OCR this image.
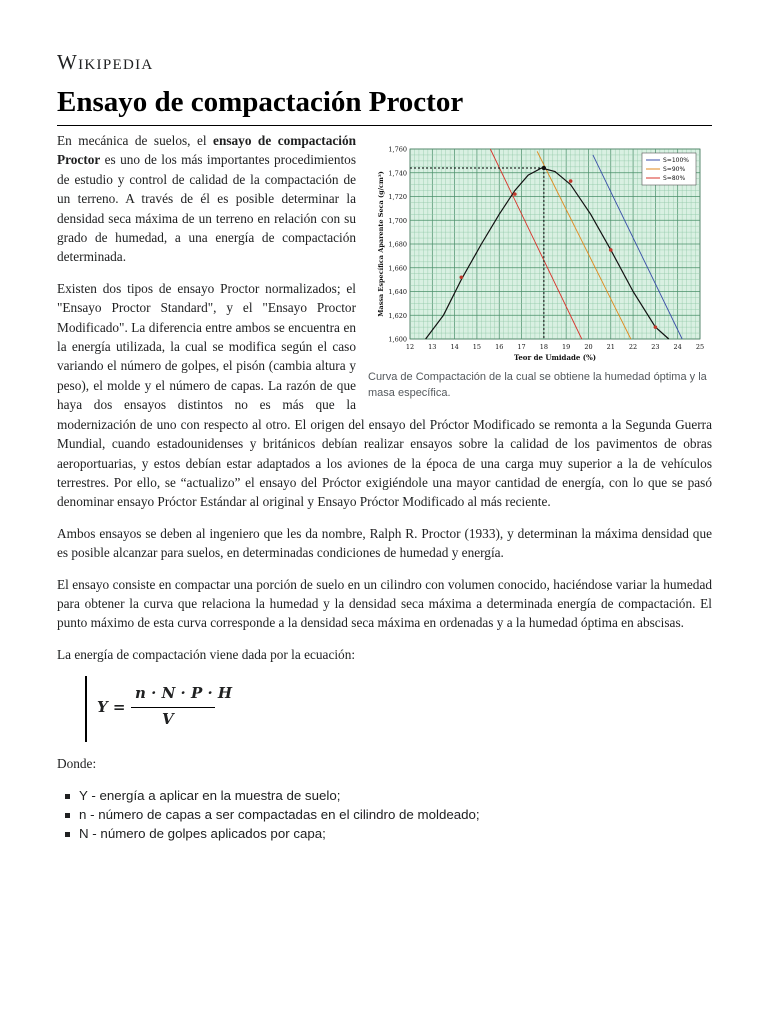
Wikipedia
Ensayo de compactación Proctor
1,600
1,620
1,640
1,660
1,680
1,700
1,720
1,740
1,760
12 13 14 15 16 17 18 19 20 21 22 23 24 25
Teor de Umidade (%)
Massa Específica Aparente Seca (g/cm³)
S=100%
S=90%
S=80%
Curva de Compactación de la cual se obtiene la humedad óptima y la masa específica.

En mecánica de suelos, el ensayo de compactación Proctor es uno de los más importantes procedimientos de estudio y control de calidad de la compactación de un terreno. A través de él es posible determinar la densidad seca máxima de un terreno en relación con su grado de humedad, a una energía de compactación determinada.

Existen dos tipos de ensayo Proctor normalizados; el "Ensayo Proctor Standard", y el "Ensayo Proctor Modificado". La diferencia entre ambos se encuentra en la energía utilizada, la cual se modifica según el caso variando el número de golpes, el pisón (cambia altura y peso), el molde y el número de capas. La razón de que haya dos ensayos distintos no es más que la modernización de uno con respecto al otro. El origen del ensayo del Próctor Modificado se remonta a la Segunda Guerra Mundial, cuando estadounidenses y británicos debían realizar ensayos sobre la calidad de los pavimentos de obras aeroportuarias, y estos debían estar adaptados a los aviones de la época de una carga muy superior a la de vehículos terrestres. Por ello, se “actualizo” el ensayo del Próctor exigiéndole una mayor cantidad de energía, con lo que se pasó denominar ensayo Próctor Estándar al original y Ensayo Próctor Modificado al más reciente.

Ambos ensayos se deben al ingeniero que les da nombre, Ralph R. Proctor (1933), y determinan la máxima densidad que es posible alcanzar para suelos, en determinadas condiciones de humedad y energía.

El ensayo consiste en compactar una porción de suelo en un cilindro con volumen conocido, haciéndose variar la humedad para obtener la curva que relaciona la humedad y la densidad seca máxima a determinada energía de compactación. El punto máximo de esta curva corresponde a la densidad seca máxima en ordenadas y a la humedad óptima en abscisas.

La energía de compactación viene dada por la ecuación:

Y =
n · N · P · H
V

Donde:

Y - energía a aplicar en la muestra de suelo;
n - número de capas a ser compactadas en el cilindro de moldeado;
N - número de golpes aplicados por capa;
